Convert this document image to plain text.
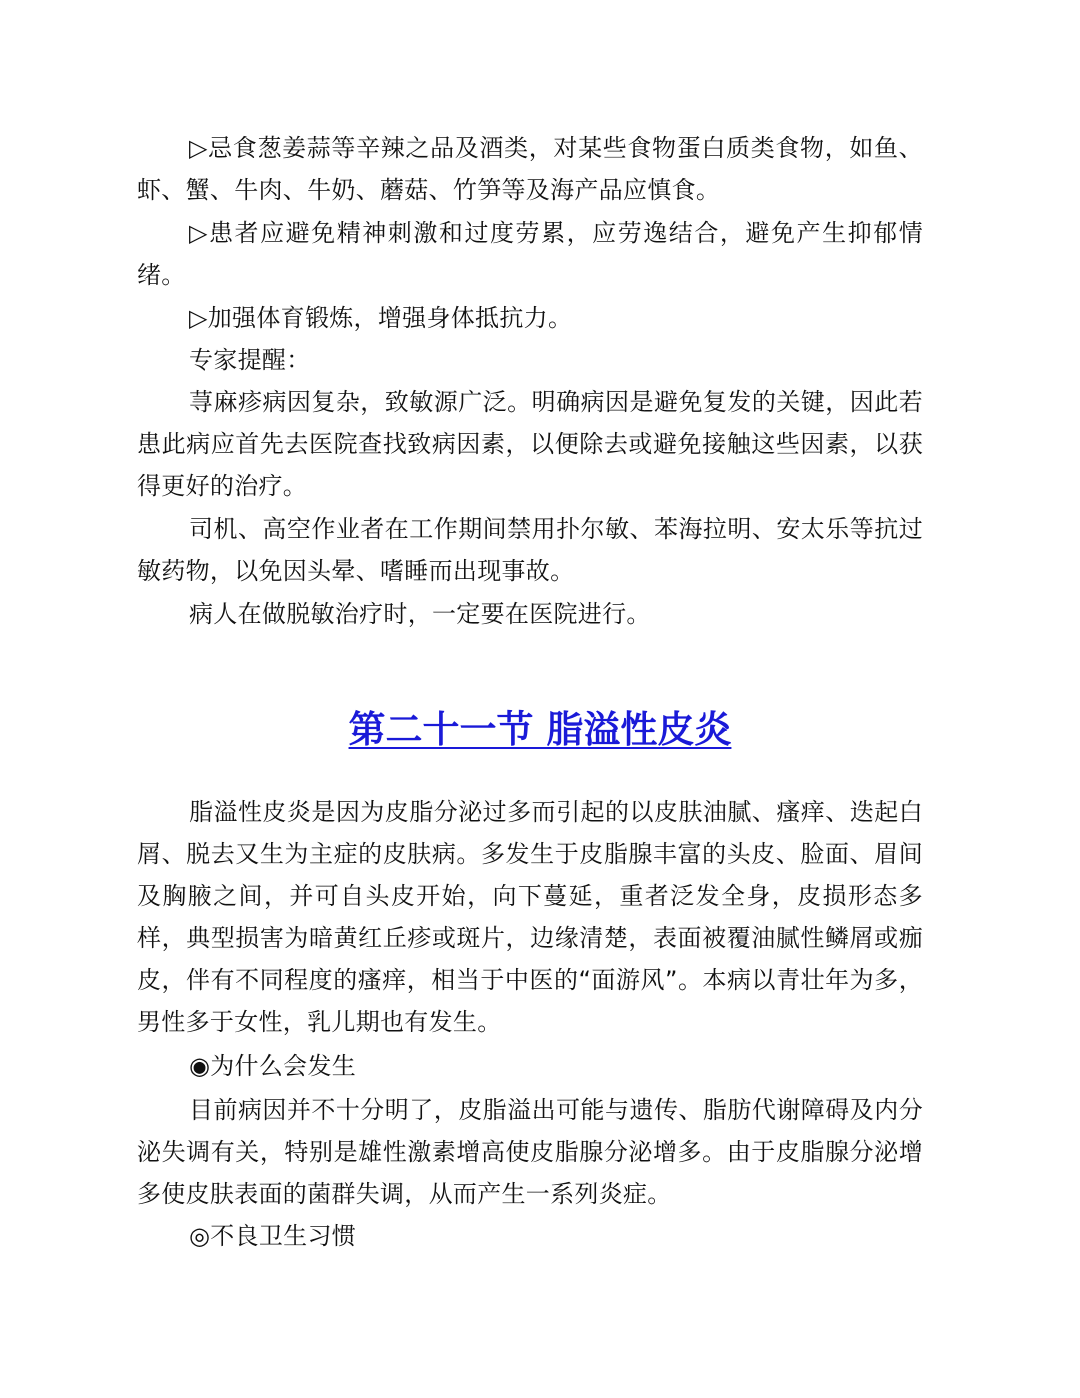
▷忌食葱姜蒜等辛辣之品及酒类，对某些食物蛋白质类食物，如鱼、虾、蟹、牛肉、牛奶、蘑菇、竹笋等及海产品应慎食。

▷患者应避免精神刺激和过度劳累，应劳逸结合，避免产生抑郁情绪。

▷加强体育锻炼，增强身体抵抗力。

专家提醒：

荨麻疹病因复杂，致敏源广泛。明确病因是避免复发的关键，因此若患此病应首先去医院查找致病因素，以便除去或避免接触这些因素，以获得更好的治疗。

司机、高空作业者在工作期间禁用扑尔敏、苯海拉明、安太乐等抗过敏药物，以免因头晕、嗜睡而出现事故。

病人在做脱敏治疗时，一定要在医院进行。

第二十一节 脂溢性皮炎

脂溢性皮炎是因为皮脂分泌过多而引起的以皮肤油腻、瘙痒、迭起白屑、脱去又生为主症的皮肤病。多发生于皮脂腺丰富的头皮、脸面、眉间及胸腋之间，并可自头皮开始，向下蔓延，重者泛发全身，皮损形态多样，典型损害为暗黄红丘疹或斑片，边缘清楚，表面被覆油腻性鳞屑或痂皮，伴有不同程度的瘙痒，相当于中医的“面游风”。本病以青壮年为多，男性多于女性，乳儿期也有发生。

◉为什么会发生

目前病因并不十分明了，皮脂溢出可能与遗传、脂肪代谢障碍及内分泌失调有关，特别是雄性激素增高使皮脂腺分泌增多。由于皮脂腺分泌增多使皮肤表面的菌群失调，从而产生一系列炎症。

◎不良卫生习惯
